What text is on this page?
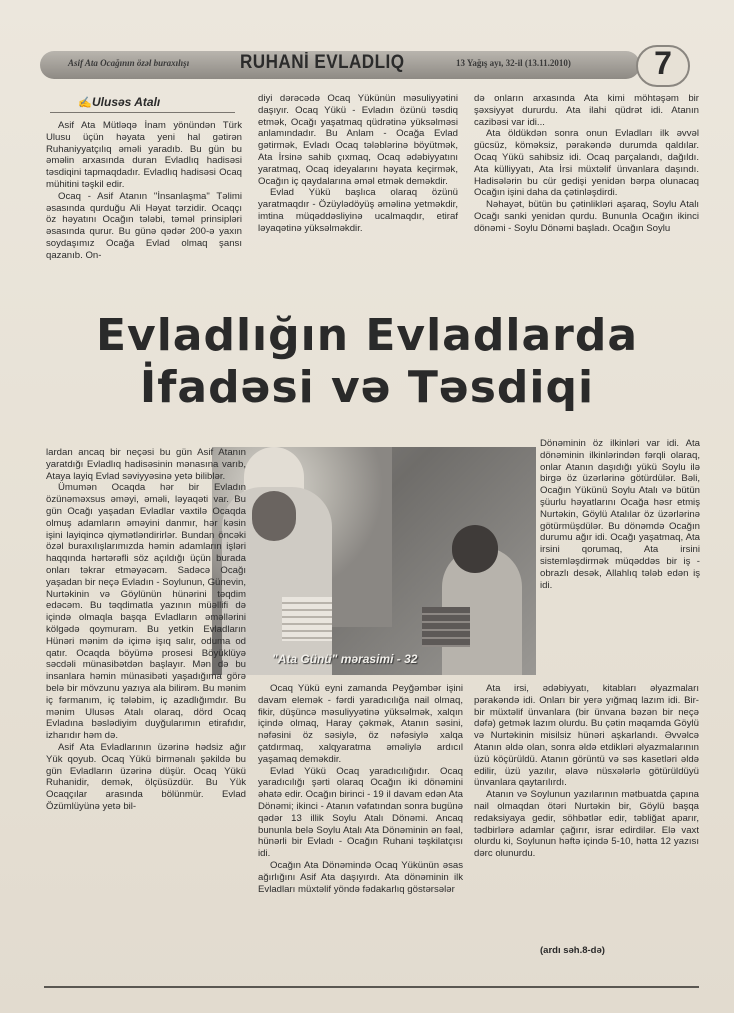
Asif Ata Ocağının özəl buraxılışı	RUHANİ EVLADLIQ	13 Yağış ayı, 32-il (13.11.2010)	7
✍ Ulusəs Atalı

Asif Ata Mütləqə İnam yönündən Türk Ulusu üçün həyata yeni hal gətirən Ruhaniyyatçılıq əməli yaradıb. Bu gün bu əməlin arxasında duran Evladlıq hadisəsi təsdiqini tapmaqdadır. Evladlıq hadisəsi Ocaq mühitini təşkil edir.

Ocaq - Asif Atanın "İnsanlaşma" Təlimi əsasında qurduğu Ali Həyat tərzidir. Ocaqçı öz həyatını Ocağın tələbi, təməl prinsipləri əsasında qurur. Bu günə qədər 200-ə yaxın soydaşımız Ocağa Evlad olmaq şansı qazanıb. On-

diyi dərəcədə Ocaq Yükünün məsuliyyətini daşıyır. Ocaq Yükü - Evladın özünü təsdiq etmək, Ocağı yaşatmaq qüdrətinə yüksəlməsi anlamındadır. Bu Anlam - Ocağa Evlad gətirmək, Evladı Ocaq tələblərinə böyütmək, Ata İrsinə sahib çıxmaq, Ocaq ədəbiyyatını yaratmaq, Ocaq ideyalarını həyata keçirmək, Ocağın iç qaydalarına əməl etmək deməkdir.

Evlad Yükü başlıca olaraq özünü yaratmaqdır - Özüylədöyüş əməlinə yetməkdir, imtina müqəddəsliyinə ucalmaqdır, etiraf ləyaqətinə yüksəlməkdir.

də onların arxasında Ata kimi möhtəşəm bir şəxsiyyət dururdu. Ata ilahi qüdrət idi. Atanın cazibəsi var idi...

Ata öldükdən sonra onun Evladları ilk əvvəl gücsüz, köməksiz, pərakəndə durumda qaldılar. Ocaq Yükü sahibsiz idi. Ocaq parçalandı, dağıldı. Ata külliyyatı, Ata İrsi müxtəlif ünvanlara daşındı. Hadisələrin bu cür gedişi yenidən bərpa olunacaq Ocağın işini daha da çətinləşdirdi.

Nəhayət, bütün bu çətinlikləri aşaraq, Soylu Atalı Ocağı sanki yenidən qurdu. Bununla Ocağın ikinci dönəmi - Soylu Dönəmi başladı. Ocağın Soylu

Evladlığın Evladlarda
İfadəsi və Təsdiqi
"Ata Günü" mərasimi - 32

lardan ancaq bir neçəsi bu gün Asif Atanın yaratdığı Evladlıq hadisəsinin mənasına varıb, Ataya layiq Evlad səviyyəsinə yetə biliblər.

Ümumən Ocaqda hər bir Evladın özünəməxsus əməyi, əməli, ləyaqəti var. Bu gün Ocağı yaşadan Evladlar vaxtilə Ocaqda olmuş adamların əməyini danmır, hər kəsin işini layiqincə qiymətləndirirlər. Bundan öncəki özəl buraxılışlarımızda həmin adamların işləri haqqında hərtərəfli söz açıldığı üçün burada onları təkrar etməyəcəm. Sadəcə Ocağı yaşadan bir neçə Evladın - Soylunun, Günevin, Nurtəkinin və Göylünün hünərini təqdim edəcəm. Bu təqdimatla yazının müəllifi də içində olmaqla başqa Evladların əməllərini kölgədə qoymuram. Bu yetkin Evladların Hünəri mənim də içimə işıq salır, oduma od qatır. Ocaqda böyümə prosesi Böyüklüyə səcdəli münasibətdən başlayır. Mən də bu insanlara həmin münasibəti yaşadığıma görə belə bir mövzunu yazıya ala bilirəm. Bu mənim iç fərmanım, iç tələbim, iç azadlığımdır. Bu mənim Ulusəs Atalı olaraq, dörd Ocaq Evladına bəslədiyim duyğularımın etirafıdır, izharıdır həm də.

Asif Ata Evladlarının üzərinə hədsiz ağır Yük qoyub. Ocaq Yükü birmənalı şəkildə bu gün Evladların üzərinə düşür. Ocaq Yükü Ruhanidir, demək, ölçüsüzdür. Bu Yük Ocaqçılar arasında bölünmür. Evlad Özümlüyünə yetə bil-

Ocaq Yükü eyni zamanda Peyğəmbər işini davam elemək - fərdi yaradıcılığa nail olmaq, fikir, düşüncə məsuliyyətinə yüksəlmək, xalqın içində olmaq, Haray çəkmək, Atanın səsini, nəfəsini öz səsiylə, öz nəfəsiylə xalqa çatdırmaq, xalqyaratma əməliylə ardıcıl yaşamaq deməkdir.

Evlad Yükü Ocaq yaradıcılığıdır. Ocaq yaradıcılığı şərti olaraq Ocağın iki dönəmini əhatə edir. Ocağın birinci - 19 il davam edən Ata Dönəmi; ikinci - Atanın vəfatından sonra bugünə qədər 13 illik Soylu Atalı Dönəmi. Ancaq bununla belə Soylu Atalı Ata Dönəminin ən fəal, hünərli bir Evladı - Ocağın Ruhani təşkilatçısı idi.

Ocağın Ata Dönəmində Ocaq Yükünün əsas ağırlığını Asif Ata daşıyırdı. Ata dönəminin ilk Evladları müxtəlif yöndə fədakarlıq göstərsələr

Dönəminin öz ilkinləri var idi. Ata dönəminin ilkinlərindən fərqli olaraq, onlar Atanın daşıdığı yükü Soylu ilə birgə öz üzərlərinə götürdülər. Bəli, Ocağın Yükünü Soylu Atalı və bütün şüurlu həyatlarını Ocağa həsr etmiş Nurtəkin, Göylü Atalılar öz üzərlərinə götürmüşdülər. Bu dönəmdə Ocağın durumu ağır idi. Ocağı yaşatmaq, Ata irsini qorumaq, Ata irsini sistemləşdirmək müqəddəs bir iş - obrazlı desək, Allahlıq tələb edən iş idi.

Ata irsi, ədəbiyyatı, kitabları əlyazmaları pərakəndə idi. Onları bir yerə yığmaq lazım idi. Bir-bir müxtəlif ünvanlara (bir ünvana bəzən bir neçə dəfə) getmək lazım olurdu. Bu çətin məqamda Göylü və Nurtəkinin misilsiz hünəri aşkarlandı. Əvvəlcə Atanın əldə olan, sonra əldə etdikləri əlyazmalarının üzü köçürüldü. Atanın görüntü və səs kasetləri əldə edilir, üzü yazılır, əlavə nüsxələrlə götürüldüyü ünvanlara qaytarılırdı.

Atanın və Soylunun yazılarının mətbuatda çapına nail olmaqdan ötəri Nurtəkin bir, Göylü başqa redaksiyaya gedir, söhbətlər edir, təbliğat aparır, tədbirlərə adamlar çağırır, israr edirdilər. Elə vaxt olurdu ki, Soylunun həftə içində 5-10, hətta 12 yazısı dərc olunurdu.

(ardı səh.8-də)
